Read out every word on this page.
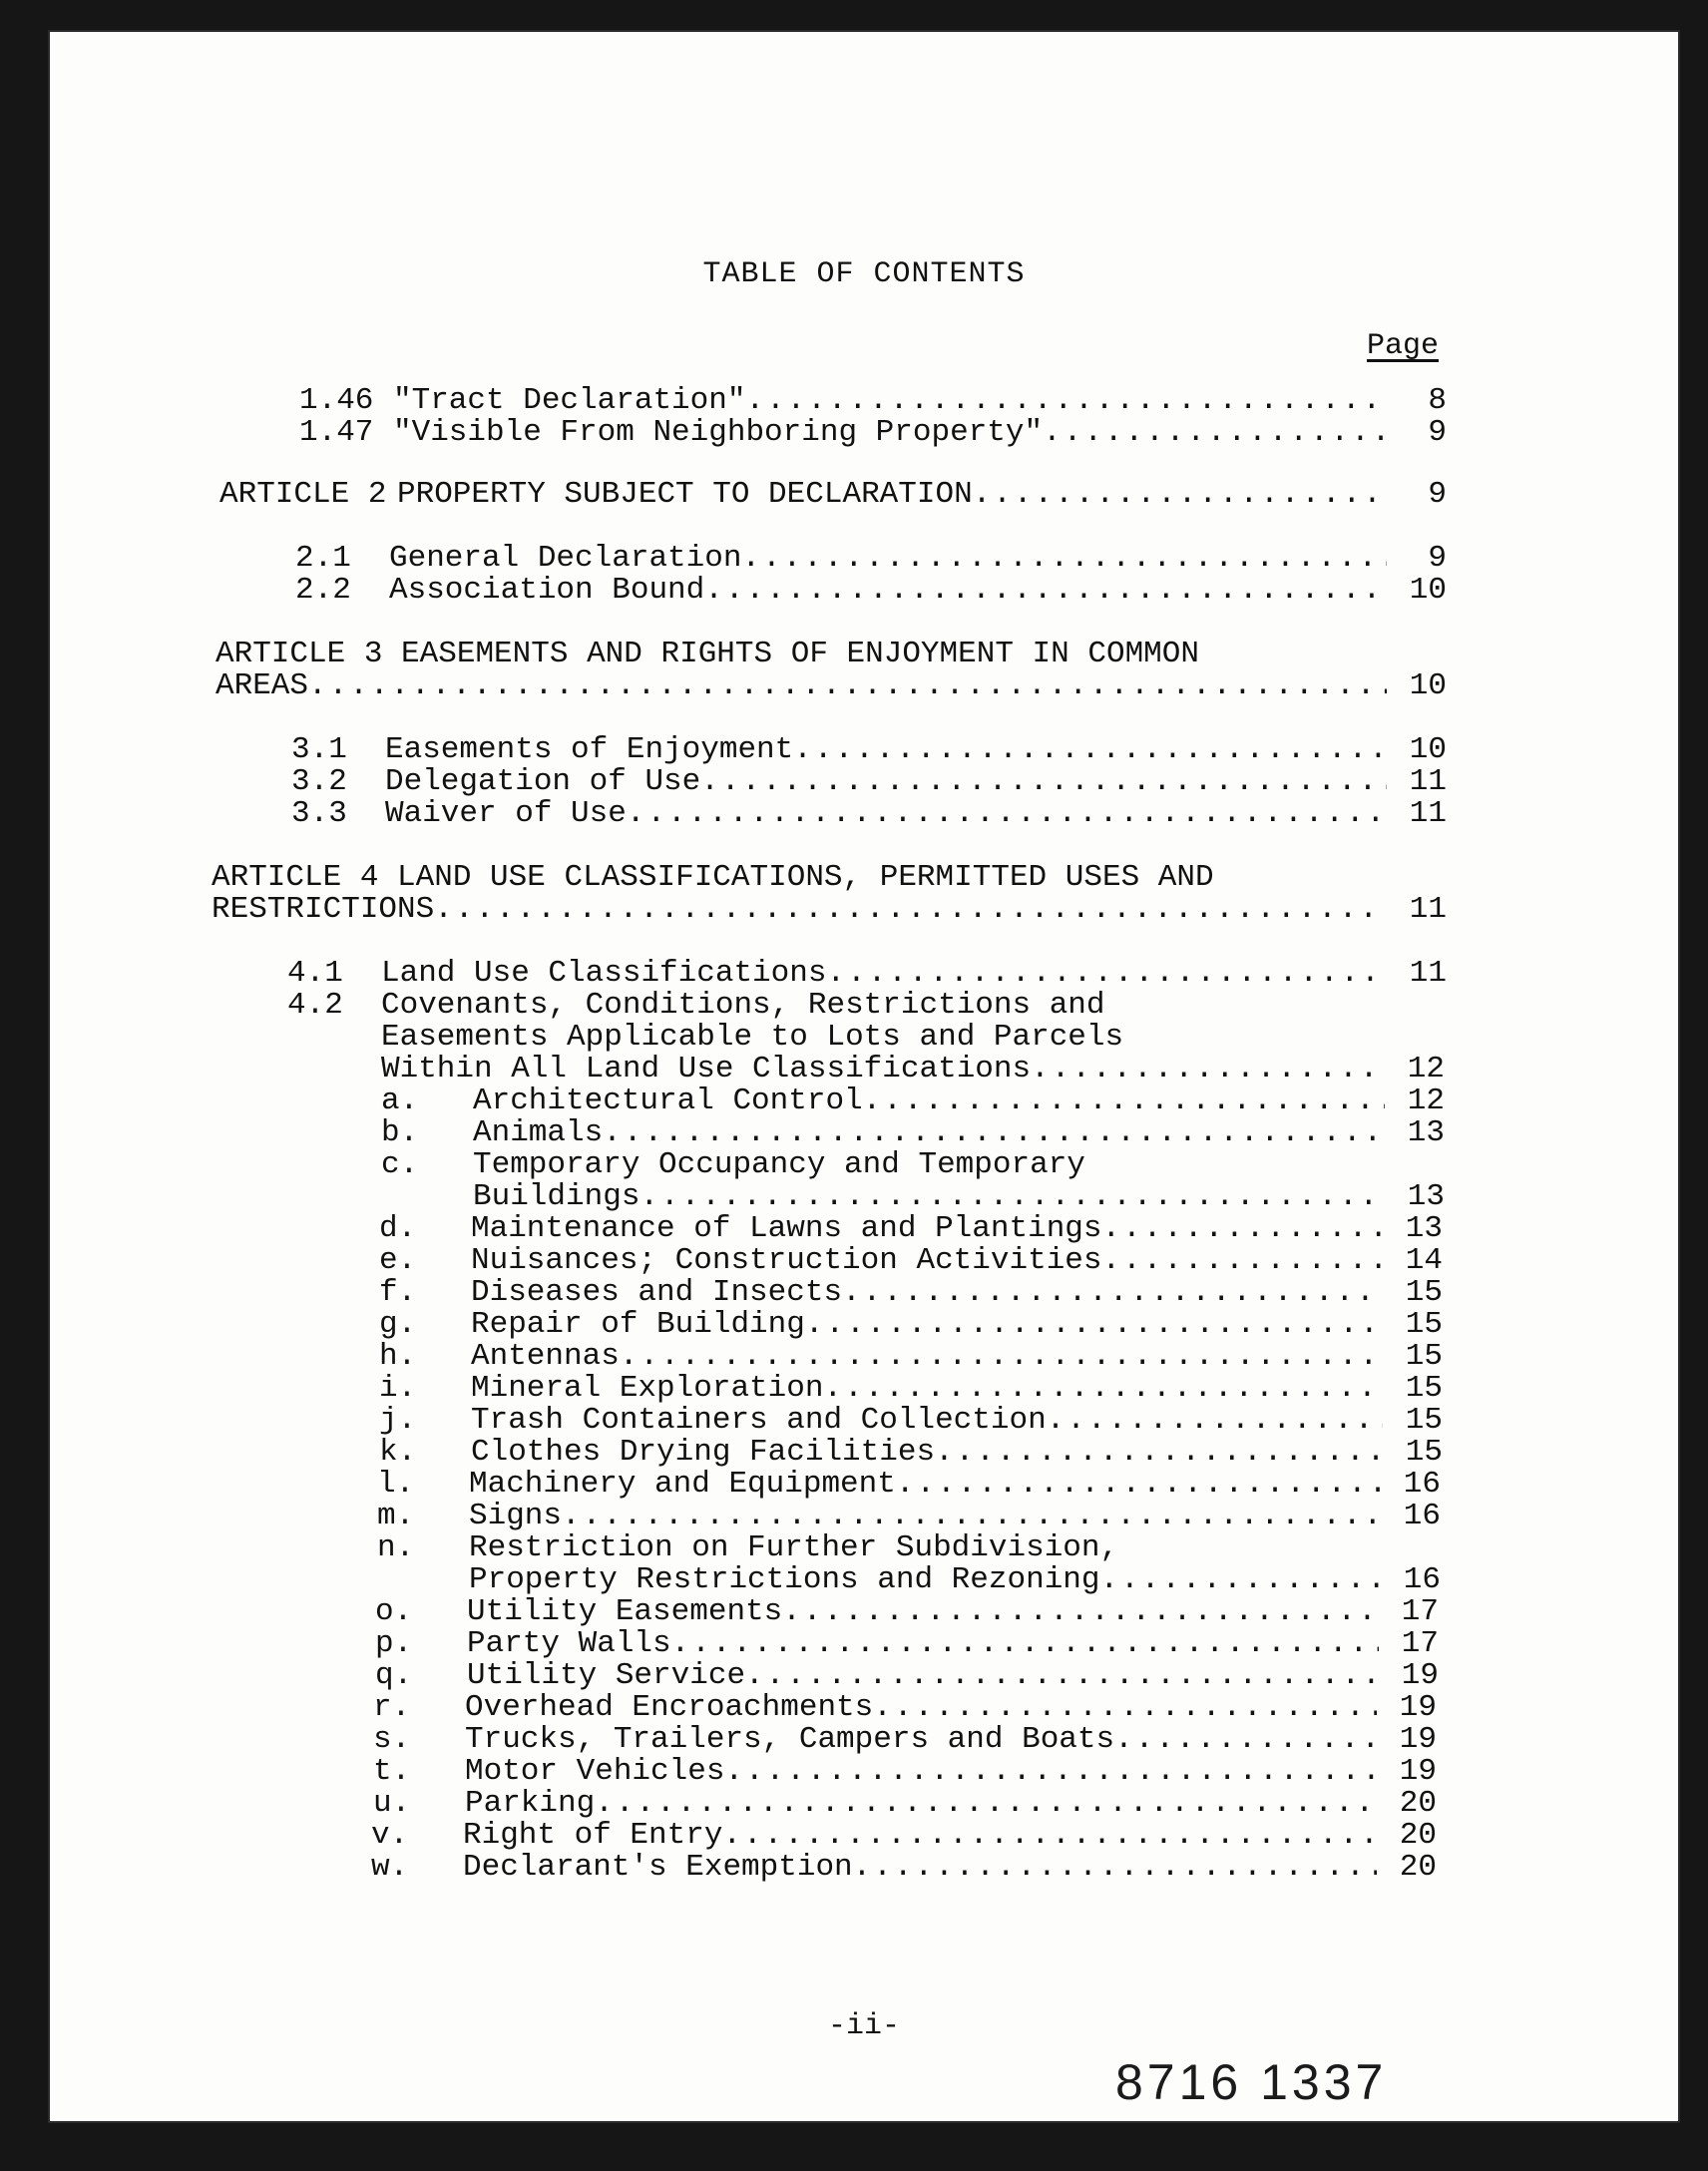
TABLE OF CONTENTS
Page
1.46 "Tract Declaration" .....	8
1.47 "Visible From Neighboring Property" .....	9
ARTICLE 2 PROPERTY SUBJECT TO DECLARATION .....	9
2.1	General Declaration .....	9
2.2	Association Bound .....	10
ARTICLE 3 EASEMENTS AND RIGHTS OF ENJOYMENT IN COMMON
AREAS .....	10
3.1	Easements of Enjoyment .....	10
3.2	Delegation of Use .....	11
3.3	Waiver of Use .....	11
ARTICLE 4 LAND USE CLASSIFICATIONS, PERMITTED USES AND
RESTRICTIONS .....	11
4.1	Land Use Classifications .....	11
4.2 Covenants, Conditions, Restrictions and
Easements Applicable to Lots and Parcels
Within All Land Use Classifications .....	12
a.	Architectural Control .....	12
b.	Animals .....	13
c. Temporary Occupancy and Temporary
Buildings .....	13
d.	Maintenance of Lawns and Plantings .....	13
e.	Nuisances; Construction Activities .....	14
f.	Diseases and Insects .....	15
g.	Repair of Building .....	15
h.	Antennas .....	15
i.	Mineral Exploration .....	15
j.	Trash Containers and Collection .....	15
k.	Clothes Drying Facilities .....	15
l.	Machinery and Equipment .....	16
m.	Signs .....	16
n. Restriction on Further Subdivision,
Property Restrictions and Rezoning .....	16
o.	Utility Easements .....	17
p.	Party Walls .....	17
q.	Utility Service .....	19
r.	Overhead Encroachments .....	19
s.	Trucks, Trailers, Campers and Boats .....	19
t.	Motor Vehicles .....	19
u.	Parking .....	20
v.	Right of Entry .....	20
w.	Declarant's Exemption .....	20
-ii-
8716 1337
